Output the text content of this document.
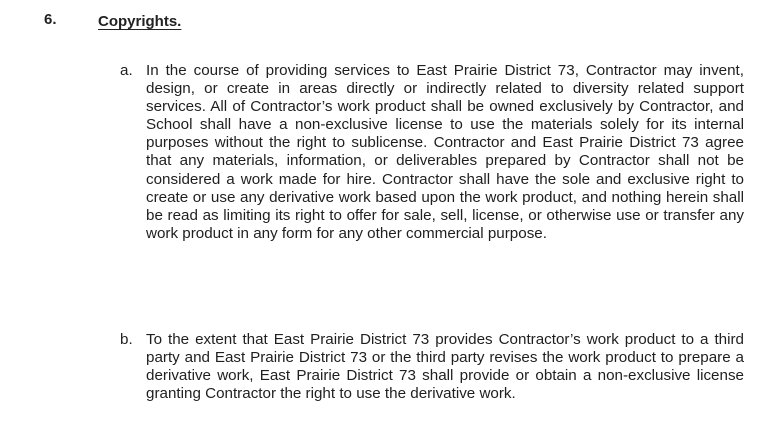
6.	Copyrights.
a. In the course of providing services to East Prairie District 73, Contractor may invent, design, or create in areas directly or indirectly related to diversity related support services. All of Contractor’s work product shall be owned exclusively by Contractor, and School shall have a non-exclusive license to use the materials solely for its internal purposes without the right to sublicense. Contractor and East Prairie District 73 agree that any materials, information, or deliverables prepared by Contractor shall not be considered a work made for hire. Contractor shall have the sole and exclusive right to create or use any derivative work based upon the work product, and nothing herein shall be read as limiting its right to offer for sale, sell, license, or otherwise use or transfer any work product in any form for any other commercial purpose.
b. To the extent that East Prairie District 73 provides Contractor’s work product to a third party and East Prairie District 73 or the third party revises the work product to prepare a derivative work, East Prairie District 73 shall provide or obtain a non-exclusive license granting Contractor the right to use the derivative work.
